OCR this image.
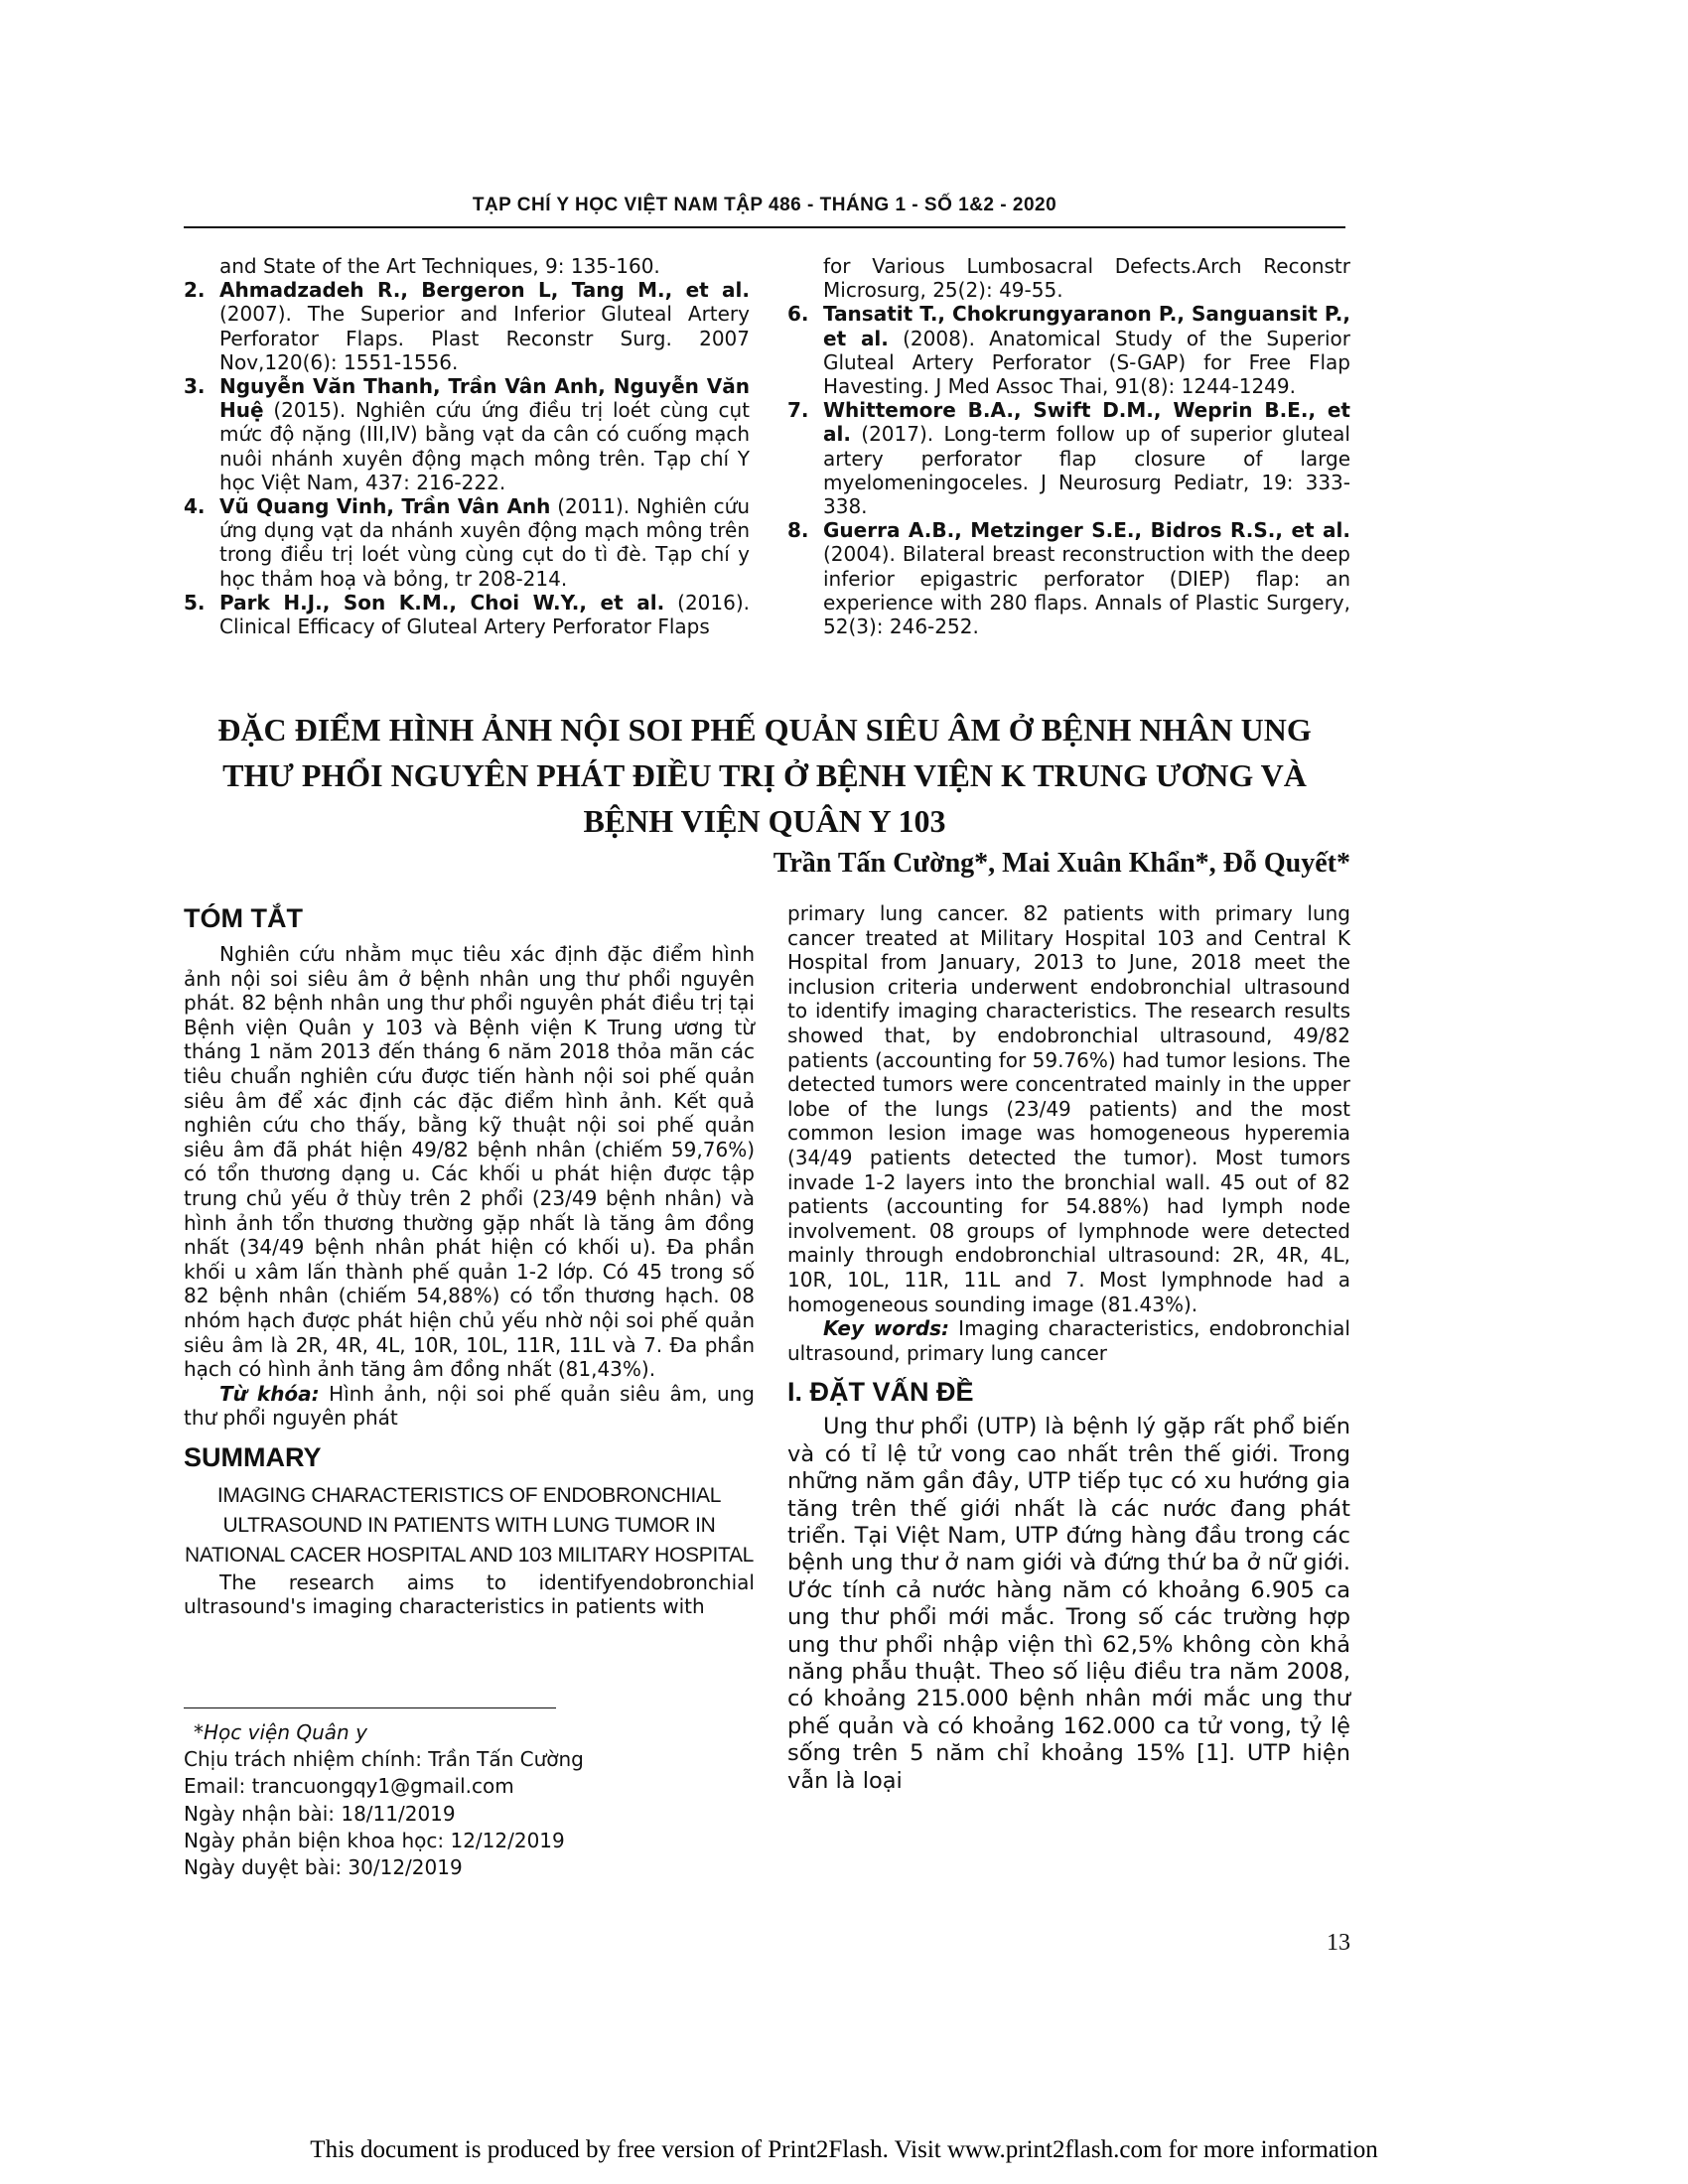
TẠP CHÍ Y HỌC VIỆT NAM TẬP 486 - THÁNG 1 - SỐ 1&2 - 2020
and State of the Art Techniques, 9: 135-160.
2. Ahmadzadeh R., Bergeron L, Tang M., et al.(2007). The Superior and Inferior Gluteal Artery Perforator Flaps. Plast Reconstr Surg. 2007 Nov,120(6): 1551-1556.
3. Nguyễn Văn Thanh, Trần Vân Anh, Nguyễn Văn Huệ (2015). Nghiên cứu ứng điều trị loét cùng cụt mức độ nặng (III,IV) bằng vạt da cân có cuống mạch nuôi nhánh xuyên động mạch mông trên. Tạp chí Y học Việt Nam, 437: 216-222.
4. Vũ Quang Vinh, Trần Vân Anh (2011). Nghiên cứu ứng dụng vạt da nhánh xuyên động mạch mông trên trong điều trị loét vùng cùng cụt do tì đè. Tạp chí y học thảm hoạ và bỏng, tr 208-214.
5. Park H.J., Son K.M., Choi W.Y., et al. (2016). Clinical Efficacy of Gluteal Artery Perforator Flaps
for Various Lumbosacral Defects.Arch Reconstr Microsurg, 25(2): 49-55.
6. Tansatit T., Chokrungyaranon P., Sanguansit P., et al. (2008). Anatomical Study of the Superior Gluteal Artery Perforator (S-GAP) for Free Flap Havesting. J Med Assoc Thai, 91(8): 1244-1249.
7. Whittemore B.A., Swift D.M., Weprin B.E., et al. (2017). Long-term follow up of superior gluteal artery perforator flap closure of large myelomeningoceles. J Neurosurg Pediatr, 19: 333-338.
8. Guerra A.B., Metzinger S.E., Bidros R.S., et al.(2004). Bilateral breast reconstruction with the deep inferior epigastric perforator (DIEP) flap: an experience with 280 flaps. Annals of Plastic Surgery, 52(3): 246-252.
ĐẶC ĐIỂM HÌNH ẢNH NỘI SOI PHẾ QUẢN SIÊU ÂM Ở BỆNH NHÂN UNG THƯ PHỔI NGUYÊN PHÁT ĐIỀU TRỊ Ở BỆNH VIỆN K TRUNG ƯƠNG VÀ BỆNH VIỆN QUÂN Y 103
Trần Tấn Cường*, Mai Xuân Khẩn*, Đỗ Quyết*
TÓM TẮT

Nghiên cứu nhằm mục tiêu xác định đặc điểm hình ảnh nội soi siêu âm ở bệnh nhân ung thư phổi nguyên phát. 82 bệnh nhân ung thư phổi nguyên phát điều trị tại Bệnh viện Quân y 103 và Bệnh viện K Trung ương từ tháng 1 năm 2013 đến tháng 6 năm 2018 thỏa mãn các tiêu chuẩn nghiên cứu được tiến hành nội soi phế quản siêu âm để xác định các đặc điểm hình ảnh. Kết quả nghiên cứu cho thấy, bằng kỹ thuật nội soi phế quản siêu âm đã phát hiện 49/82 bệnh nhân (chiếm 59,76%) có tổn thương dạng u. Các khối u phát hiện được tập trung chủ yếu ở thùy trên 2 phổi (23/49 bệnh nhân) và hình ảnh tổn thương thường gặp nhất là tăng âm đồng nhất (34/49 bệnh nhân phát hiện có khối u). Đa phần khối u xâm lấn thành phế quản 1-2 lớp. Có 45 trong số 82 bệnh nhân (chiếm 54,88%) có tổn thương hạch. 08 nhóm hạch được phát hiện chủ yếu nhờ nội soi phế quản siêu âm là 2R, 4R, 4L, 10R, 10L, 11R, 11L và 7. Đa phần hạch có hình ảnh tăng âm đồng nhất (81,43%).

Từ khóa: Hình ảnh, nội soi phế quản siêu âm, ung thư phổi nguyên phát

SUMMARY
IMAGING CHARACTERISTICS OF ENDOBRONCHIAL ULTRASOUND IN PATIENTS WITH LUNG TUMOR IN NATIONAL CACER HOSPITAL AND 103 MILITARY HOSPITAL

The research aims to identifyendobronchial ultrasound's imaging characteristics in patients with

primary lung cancer. 82 patients with primary lung cancer treated at Military Hospital 103 and Central K Hospital from January, 2013 to June, 2018 meet the inclusion criteria underwent endobronchial ultrasound to identify imaging characteristics. The research results showed that, by endobronchial ultrasound, 49/82 patients (accounting for 59.76%) had tumor lesions. The detected tumors were concentrated mainly in the upper lobe of the lungs (23/49 patients) and the most common lesion image was homogeneous hyperemia (34/49 patients detected the tumor). Most tumors invade 1-2 layers into the bronchial wall. 45 out of 82 patients (accounting for 54.88%) had lymph node involvement. 08 groups of lymphnode were detected mainly through endobronchial ultrasound: 2R, 4R, 4L, 10R, 10L, 11R, 11L and 7. Most lymphnode had a homogeneous sounding image (81.43%).

Key words: Imaging characteristics, endobronchial ultrasound, primary lung cancer

I. ĐẶT VẤN ĐỀ

Ung thư phổi (UTP) là bệnh lý gặp rất phổ biến và có tỉ lệ tử vong cao nhất trên thế giới. Trong những năm gần đây, UTP tiếp tục có xu hướng gia tăng trên thế giới nhất là các nước đang phát triển. Tại Việt Nam, UTP đứng hàng đầu trong các bệnh ung thư ở nam giới và đứng thứ ba ở nữ giới. Ước tính cả nước hàng năm có khoảng 6.905 ca ung thư phổi mới mắc. Trong số các trường hợp ung thư phổi nhập viện thì 62,5% không còn khả năng phẫu thuật. Theo số liệu điều tra năm 2008, có khoảng 215.000 bệnh nhân mới mắc ung thư phế quản và có khoảng 162.000 ca tử vong, tỷ lệ sống trên 5 năm chỉ khoảng 15% [1]. UTP hiện vẫn là loại

*Học viện Quân y
Chịu trách nhiệm chính: Trần Tấn Cường
Email: trancuongqy1@gmail.com
Ngày nhận bài: 18/11/2019
Ngày phản biện khoa học: 12/12/2019
Ngày duyệt bài: 30/12/2019
13
This document is produced by free version of Print2Flash. Visit www.print2flash.com for more information
